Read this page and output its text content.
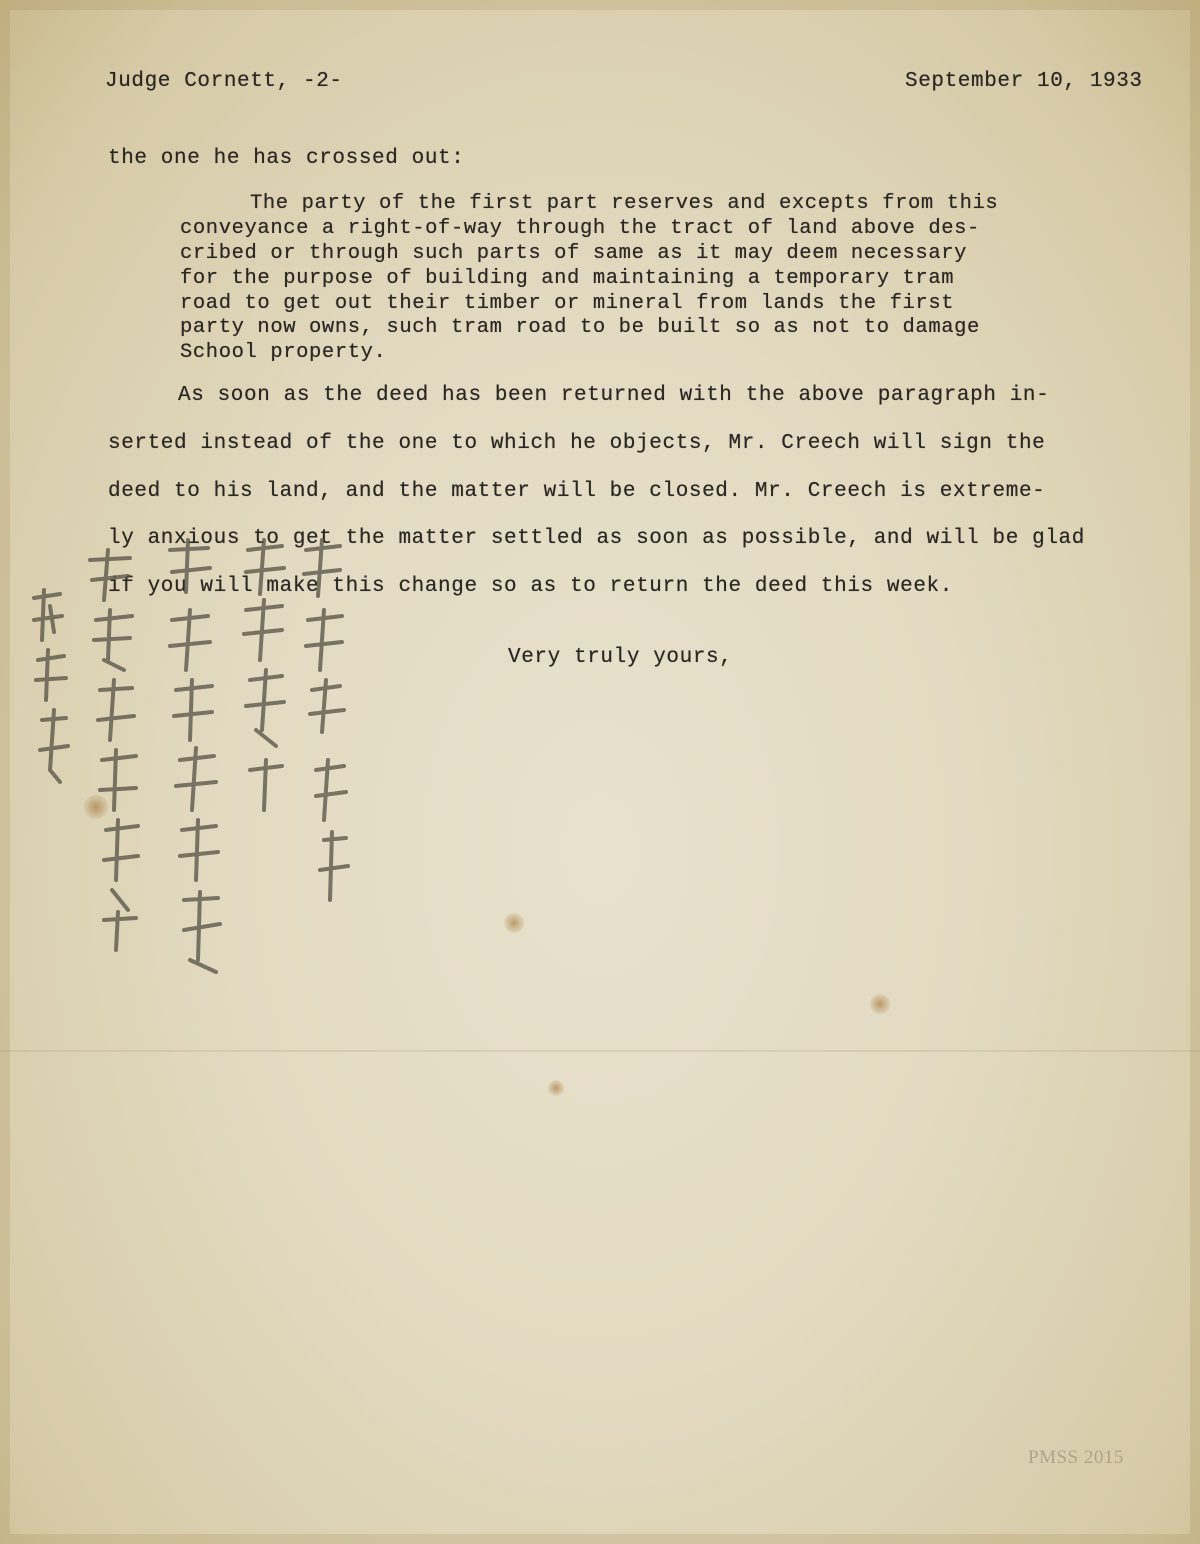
Judge Cornett, -2-	September 10, 1933
the one he has crossed out:
The party of the first part reserves and excepts from this
conveyance a right-of-way through the tract of land above des-
cribed or through such parts of same as it may deem necessary
for the purpose of building and maintaining a temporary tram
road to get out their timber or mineral from lands the first
party now owns, such tram road to be built so as not to damage
School property.
As soon as the deed has been returned with the above paragraph in-
serted instead of the one to which he objects, Mr. Creech will sign the
deed to his land, and the matter will be closed. Mr. Creech is extreme-
ly anxious to get the matter settled as soon as possible, and will be glad
if you will make this change so as to return the deed this week.
Very truly yours,
PMSS 2015
